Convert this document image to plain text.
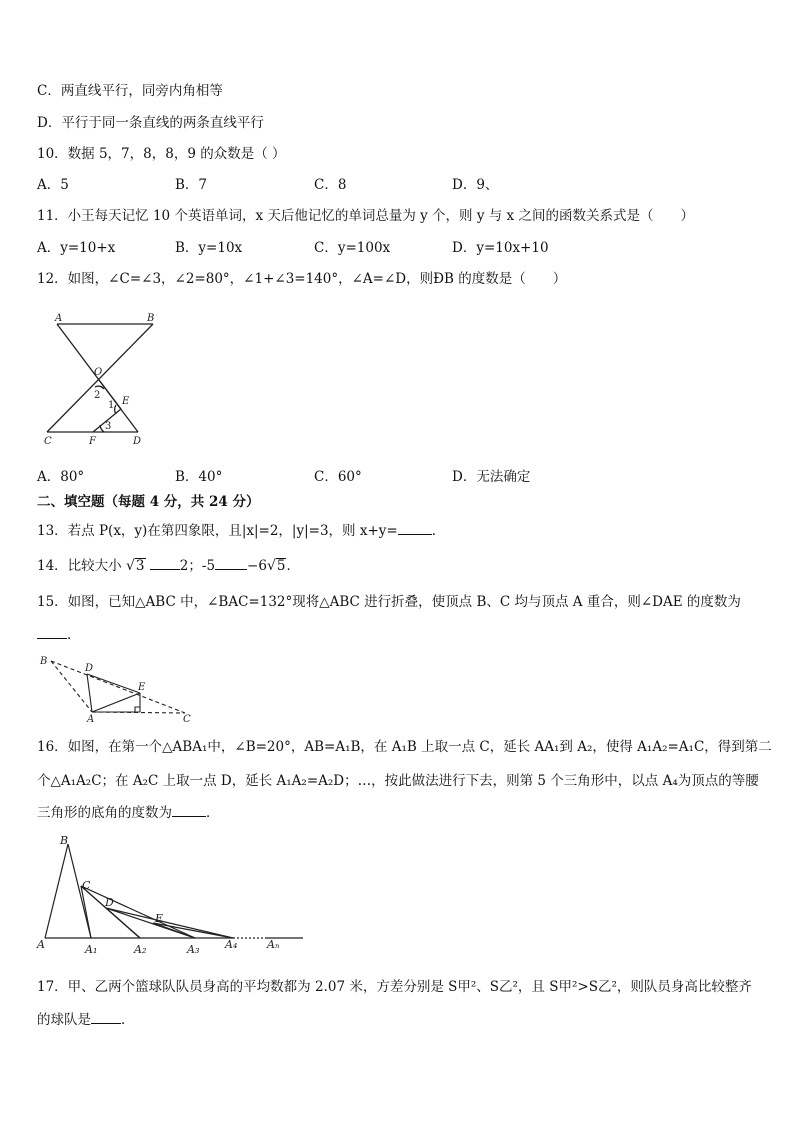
C．两直线平行，同旁内角相等
D．平行于同一条直线的两条直线平行
10．数据 5，7，8，8，9 的众数是（ ）
A．5	B．7	C．8	D．9、
11．小王每天记忆 10 个英语单词，x 天后他记忆的单词总量为 y 个，则 y 与 x 之间的函数关系式是（　　）
A．y=10+x	B．y=10x	C．y=100x	D．y=10x+10
12．如图，∠C=∠3，∠2=80°，∠1+∠3=140°，∠A=∠D，则ÐB 的度数是（　　）
A	B
O
E
2
1
3
C	F	D
A．80°	B．40°	C．60°	D．无法确定
二、填空题（每题 4 分，共 24 分）
13．若点 P(x，y)在第四象限，且|x|=2，|y|=3，则 x+y=	．
14．比较大小 √3	2；-5 −6√5．
15．如图，已知△ABC 中，∠BAC=132°现将△ABC 进行折叠，使顶点 B、C 均与顶点 A 重合，则∠DAE 的度数为
．
B
D
E
A	C
16．如图，在第一个△ABA₁中，∠B=20°，AB=A₁B，在 A₁B 上取一点 C，延长 AA₁到 A₂，使得 A₁A₂=A₁C，得到第二
个△A₁A₂C；在 A₂C 上取一点 D，延长 A₁A₂=A₂D；…，按此做法进行下去，则第 5 个三角形中，以点 A₄为顶点的等腰
三角形的底角的度数为	．
B
C
D
E
A	A₁	A₂	A₃ A₄	Aₙ
17．甲、乙两个篮球队队员身高的平均数都为 2.07 米，方差分别是 S甲²、S乙²，且 S甲²>S乙²，则队员身高比较整齐
的球队是 ．
